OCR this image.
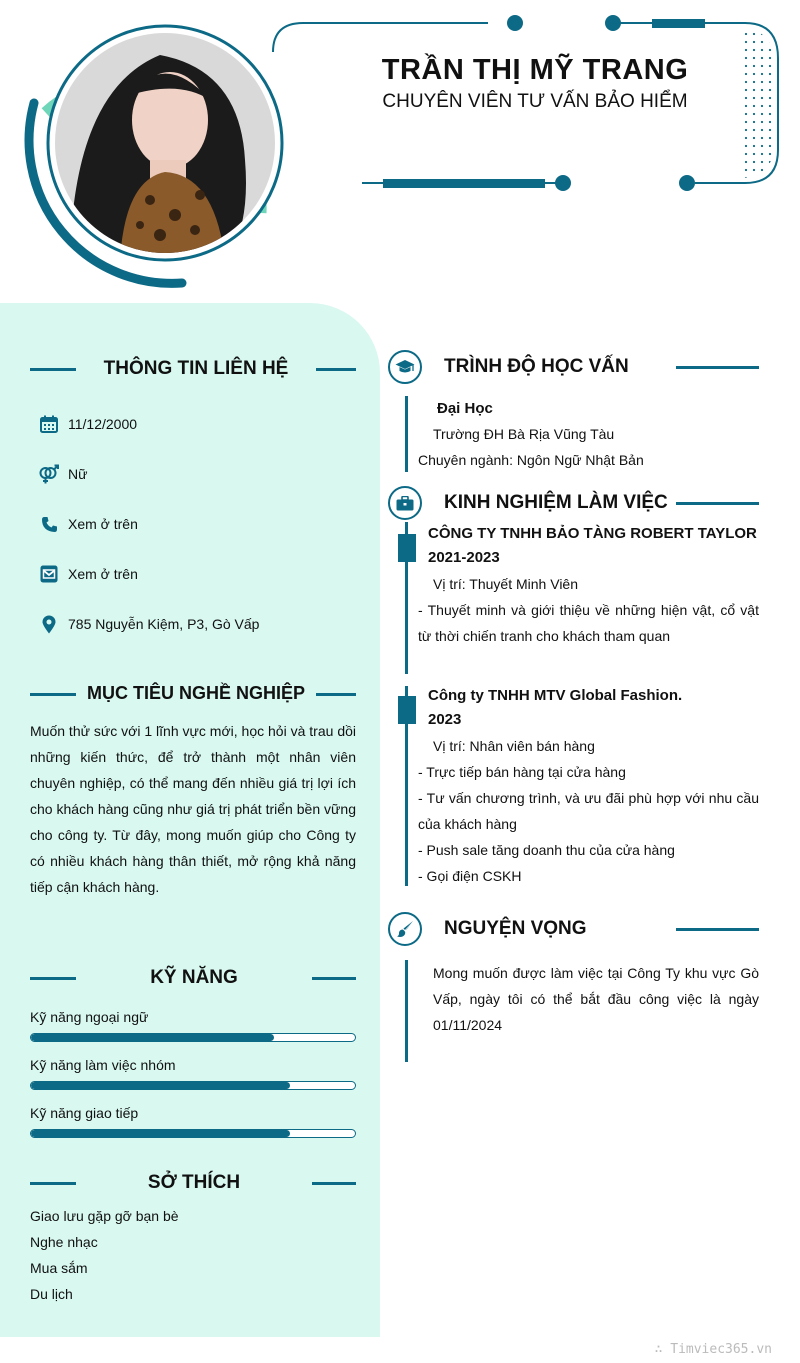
TRẦN THỊ MỸ TRANG
CHUYÊN VIÊN TƯ VẤN BẢO HIỂM
THÔNG TIN LIÊN HỆ
11/12/2000
Nữ
Xem ở trên
Xem ở trên
785 Nguyễn Kiệm, P3, Gò Vấp
MỤC TIÊU NGHỀ NGHIỆP
Muốn thử sức với 1 lĩnh vực mới, học hỏi và trau dồi những kiến thức, để trở thành một nhân viên chuyên nghiệp, có thể mang đến nhiều giá trị lợi ích cho khách hàng cũng như giá trị phát triển bền vững cho công ty. Từ đây, mong muốn giúp cho Công ty có nhiều khách hàng thân thiết, mở rộng khả năng tiếp cận khách hàng.
KỸ NĂNG
Kỹ năng ngoại ngữ
Kỹ năng làm việc nhóm
Kỹ năng giao tiếp
SỞ THÍCH
Giao lưu gặp gỡ bạn bè
Nghe nhạc
Mua sắm
Du lịch
TRÌNH ĐỘ HỌC VẤN
Đại Học
Trường ĐH Bà Rịa Vũng Tàu
Chuyên ngành: Ngôn Ngữ Nhật Bản
KINH NGHIỆM LÀM VIỆC
CÔNG TY TNHH BẢO TÀNG ROBERT TAYLOR
2021-2023
Vị trí: Thuyết Minh Viên
- Thuyết minh và giới thiệu về những hiện vật, cổ vật từ thời chiến tranh cho khách tham quan
Công ty TNHH MTV Global Fashion.
2023
Vị trí: Nhân viên bán hàng
- Trực tiếp bán hàng tại cửa hàng
- Tư vấn chương trình, và ưu đãi phù hợp với nhu cầu của khách hàng
- Push sale tăng doanh thu của cửa hàng
- Gọi điện CSKH
NGUYỆN VỌNG
Mong muốn được làm việc tại Công Ty khu vực Gò Vấp, ngày tôi có thể bắt đầu công việc là ngày 01/11/2024
∴ Timviec365.vn
